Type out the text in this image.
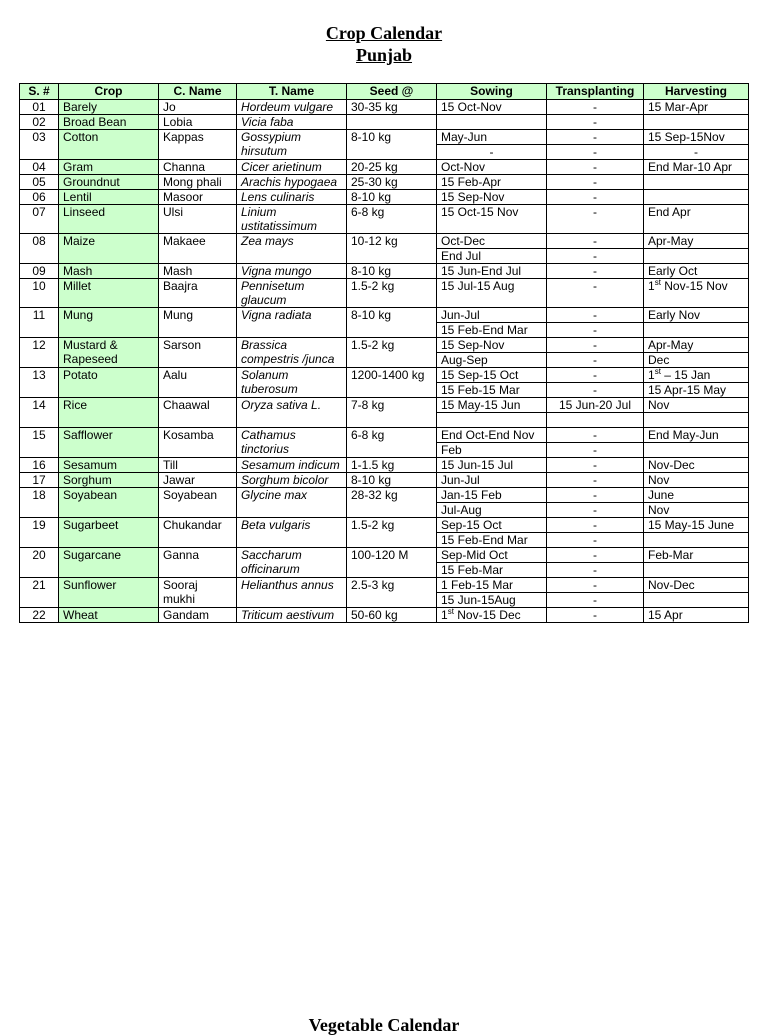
Crop Calendar
Punjab
S. #	Crop	C. Name	T. Name	Seed @	Sowing	Transplanting	Harvesting
01	Barely	Jo	Hordeum vulgare	30-35 kg	15 Oct-Nov	-	15 Mar-Apr
02	Broad Bean	Lobia	Vicia faba			-	
03	Cotton	Kappas	Gossypium hirsutum	8-10 kg	May-Jun	-	15 Sep-15Nov
					-	-	-
04	Gram	Channa	Cicer arietinum	20-25 kg	Oct-Nov	-	End Mar-10 Apr
05	Groundnut	Mong phali	Arachis hypogaea	25-30 kg	15 Feb-Apr	-	
06	Lentil	Masoor	Lens culinaris	8-10 kg	15 Sep-Nov	-	
07	Linseed	Ulsi	Linium ustitatissimum	6-8 kg	15 Oct-15 Nov	-	End Apr
08	Maize	Makaee	Zea mays	10-12 kg	Oct-Dec	-	Apr-May
					End Jul	-	
09	Mash	Mash	Vigna mungo	8-10 kg	15 Jun-End Jul	-	Early Oct
10	Millet	Baajra	Pennisetum glaucum	1.5-2 kg	15 Jul-15 Aug	-	1st Nov-15 Nov
11	Mung	Mung	Vigna radiata	8-10 kg	Jun-Jul	-	Early Nov
					15 Feb-End Mar	-	
12	Mustard & Rapeseed	Sarson	Brassica compestris /junca	1.5-2 kg	15 Sep-Nov	-	Apr-May
					Aug-Sep	-	Dec
13	Potato	Aalu	Solanum tuberosum	1200-1400 kg	15 Sep-15 Oct	-	1st – 15 Jan
					15 Feb-15 Mar	-	15 Apr-15 May
14	Rice	Chaawal	Oryza sativa L.	7-8 kg	15 May-15 Jun	15 Jun-20 Jul	Nov

15	Safflower	Kosamba	Cathamus tinctorius	6-8 kg	End Oct-End Nov	-	End May-Jun
					Feb	-	
16	Sesamum	Till	Sesamum indicum	1-1.5 kg	15 Jun-15 Jul	-	Nov-Dec
17	Sorghum	Jawar	Sorghum bicolor	8-10 kg	Jun-Jul	-	Nov
18	Soyabean	Soyabean	Glycine max	28-32 kg	Jan-15 Feb	-	June
					Jul-Aug	-	Nov
19	Sugarbeet	Chukandar	Beta vulgaris	1.5-2 kg	Sep-15 Oct	-	15 May-15 June
					15 Feb-End Mar	-	
20	Sugarcane	Ganna	Saccharum officinarum	100-120 M	Sep-Mid Oct	-	Feb-Mar
					15 Feb-Mar	-	
21	Sunflower	Sooraj mukhi	Helianthus annus	2.5-3 kg	1 Feb-15 Mar	-	Nov-Dec
					15 Jun-15Aug	-	
22	Wheat	Gandam	Triticum aestivum	50-60 kg	1st Nov-15 Dec	-	15 Apr
Vegetable Calendar
